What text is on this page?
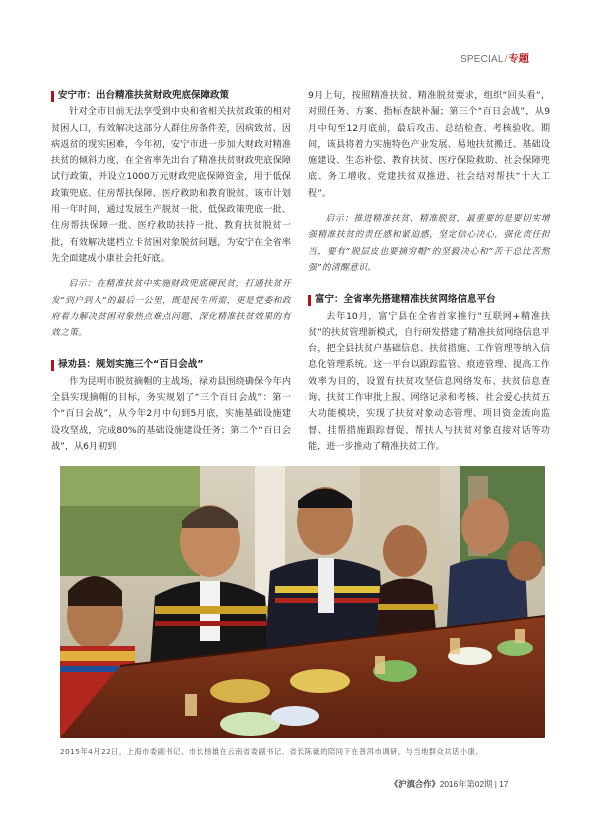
SPECIAL/专题
安宁市：出台精准扶贫财政兜底保障政策

针对全市目前无法享受到中央和省相关扶贫政策的相对贫困人口，有效解决这部分人群住房条件差，因病致贫、因病返贫的现实困难，今年初，安宁市进一步加大财政对精准扶贫的倾斜力度，在全省率先出台了精准扶贫财政兜底保障试行政策，并设立1000万元财政兜底保障资金，用于低保政策兜底、住房帮扶保障、医疗救助和教育脱贫。该市计划用一年时间，通过发展生产脱贫一批、低保政策兜底一批、住房帮扶保障一批、医疗救助扶持一批、教育扶贫脱贫一批，有效解决建档立卡贫困对象脱贫问题，为安宁在全省率先全面建成小康社会托好底。

启示：在精准扶贫中实施财政兜底硬民贫，打通扶贫开发“到户到人”的最后一公里，既是民生所需，更是党委和政府着力解决贫困对象热点难点问题、深化精准扶贫效果的有效之策。

禄劝县：规划实施三个“百日会战”

作为昆明市脱贫摘帽的主战场，禄劝县围绕确保今年内全县实现摘帽的目标，务实规划了“三个百日会战”：第一个“百日会战”，从今年2月中旬到5月底，实施基础设施建设攻坚战，完成80%的基础设施建设任务；第二个“百日会战”，从6月初到

9月上旬，按照精准扶贫、精准脱贫要求，组织“回头看”，对照任务、方案、指标查缺补漏；第三个“百日会战”，从9月中旬至12月底前，最后攻击、总结检查、考核验收。期间，该县将着力实施特色产业发展、易地扶贫搬迁、基础设施建设、生态补偿、教育扶贫、医疗保险救助、社会保障兜底、务工增收、党建扶贫双推进、社会结对帮扶“十大工程”。

启示：推进精准扶贫、精准脱贫，最重要的是要切实增强精准扶贫的责任感和紧迫感，坚定信心决心，强化责任担当，要有“脱层皮也要摘穷帽”的坚毅决心和“苦干总比苦熬强”的清醒意识。

富宁：全省率先搭建精准扶贫网络信息平台

去年10月，富宁县在全省首家推行“互联网+精准扶贫”的扶贫管理新模式，自行研发搭建了精准扶贫网络信息平台，把全县扶贫户基础信息、扶贫措施、工作管理等纳入信息化管理系统。这一平台以跟踪监管、痕迹管理、提高工作效率为目的，设置有扶贫攻坚信息网络发布、扶贫信息查询、扶贫工作审批上报、网络记录和考核、社会爱心扶贫五大功能模块，实现了扶贫对象动态管理、项目资金流向监督、挂帮措施跟踪督促、帮扶人与扶贫对象直接对话等功能，进一步推动了精准扶贫工作。

2015年4月22日，上海市委副书记、市长杨雄在云南省委副书记、省长陈豪的陪同下在普洱市调研，与当地群众共话小康。
《沪滇合作》2016年第02期 | 17
